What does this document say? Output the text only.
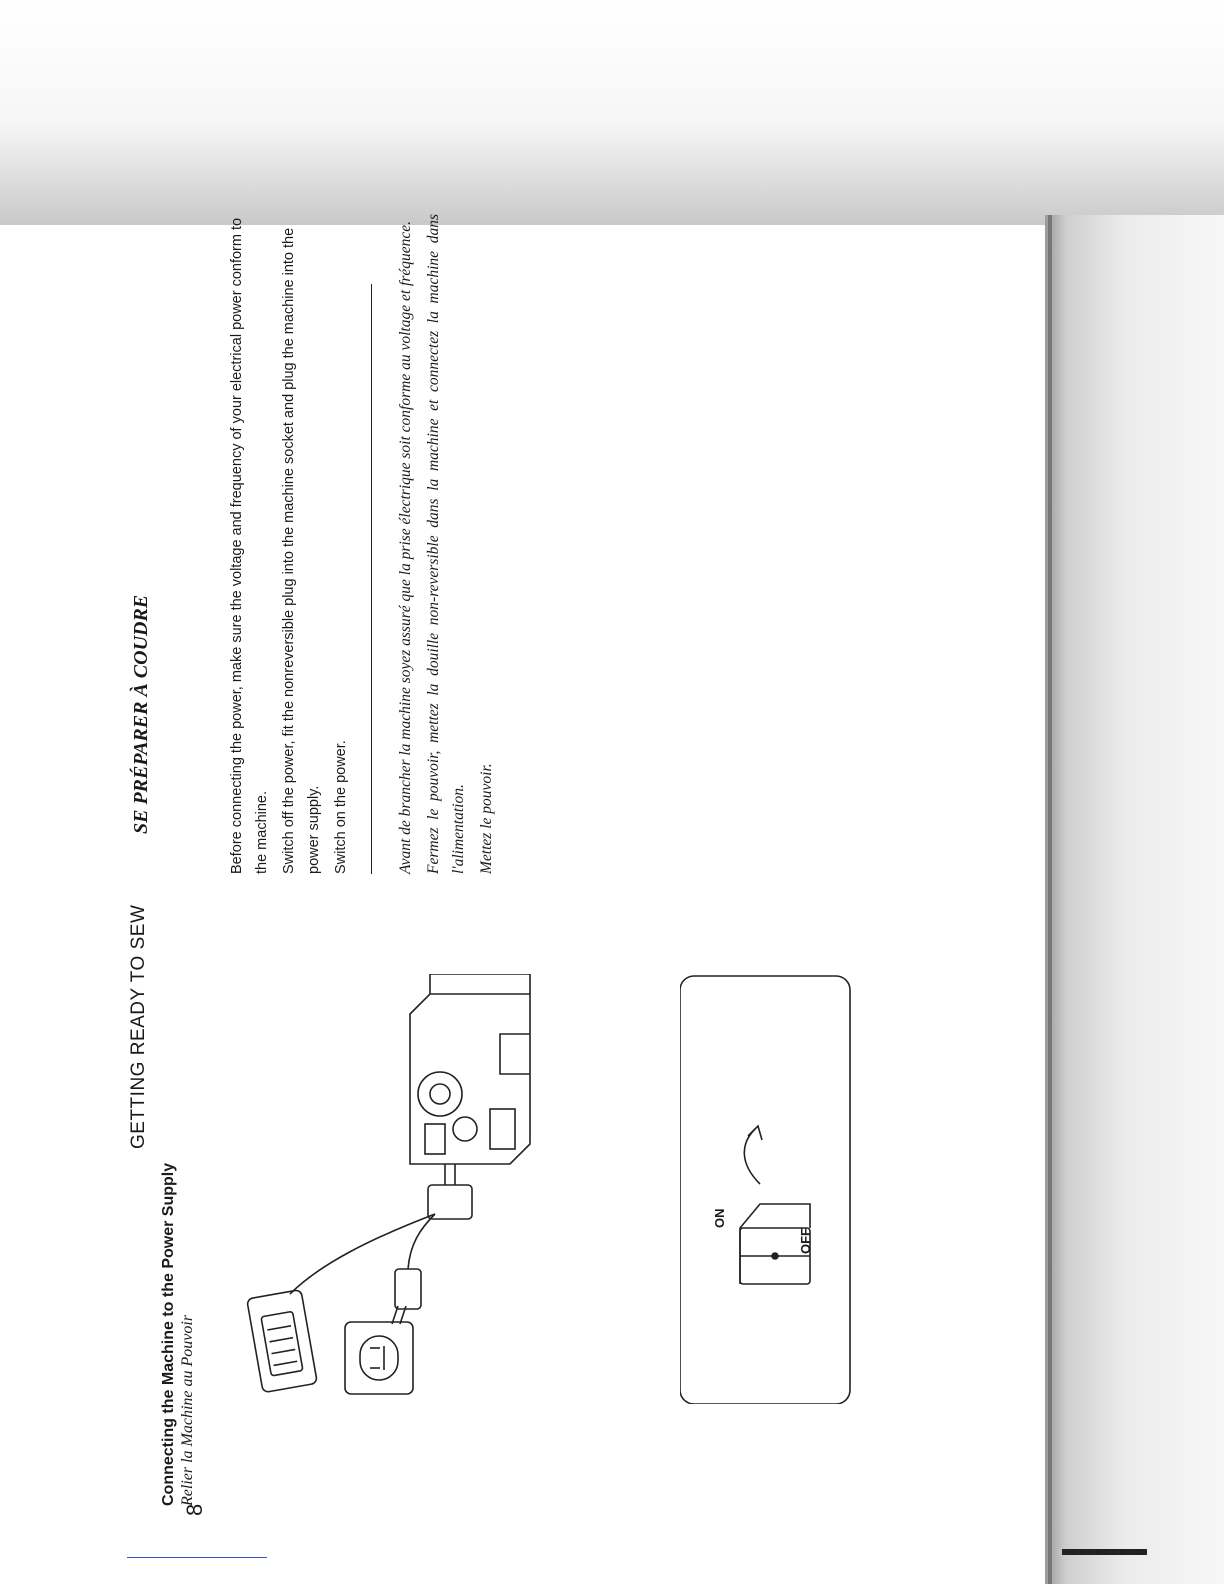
8
GETTING READY TO SEW
SE PRÉPARER À COUDRE
Connecting the Machine to the Power Supply Relier la Machine au Pouvoir

Before connecting the power, make sure the voltage and frequency of your electrical power conform to the machine. Switch off the power, fit the nonreversible plug into the machine socket and plug the machine into the power supply. Switch on the power.	Avant de brancher la machine soyez assuré que la prise électrique soit conforme au voltage et fréquence. Fermez le pouvoir, mettez la douille non-reversible dans la machine et connectez la machine dans l'alimentation. Mettez le pouvoir.

ON
OFF
